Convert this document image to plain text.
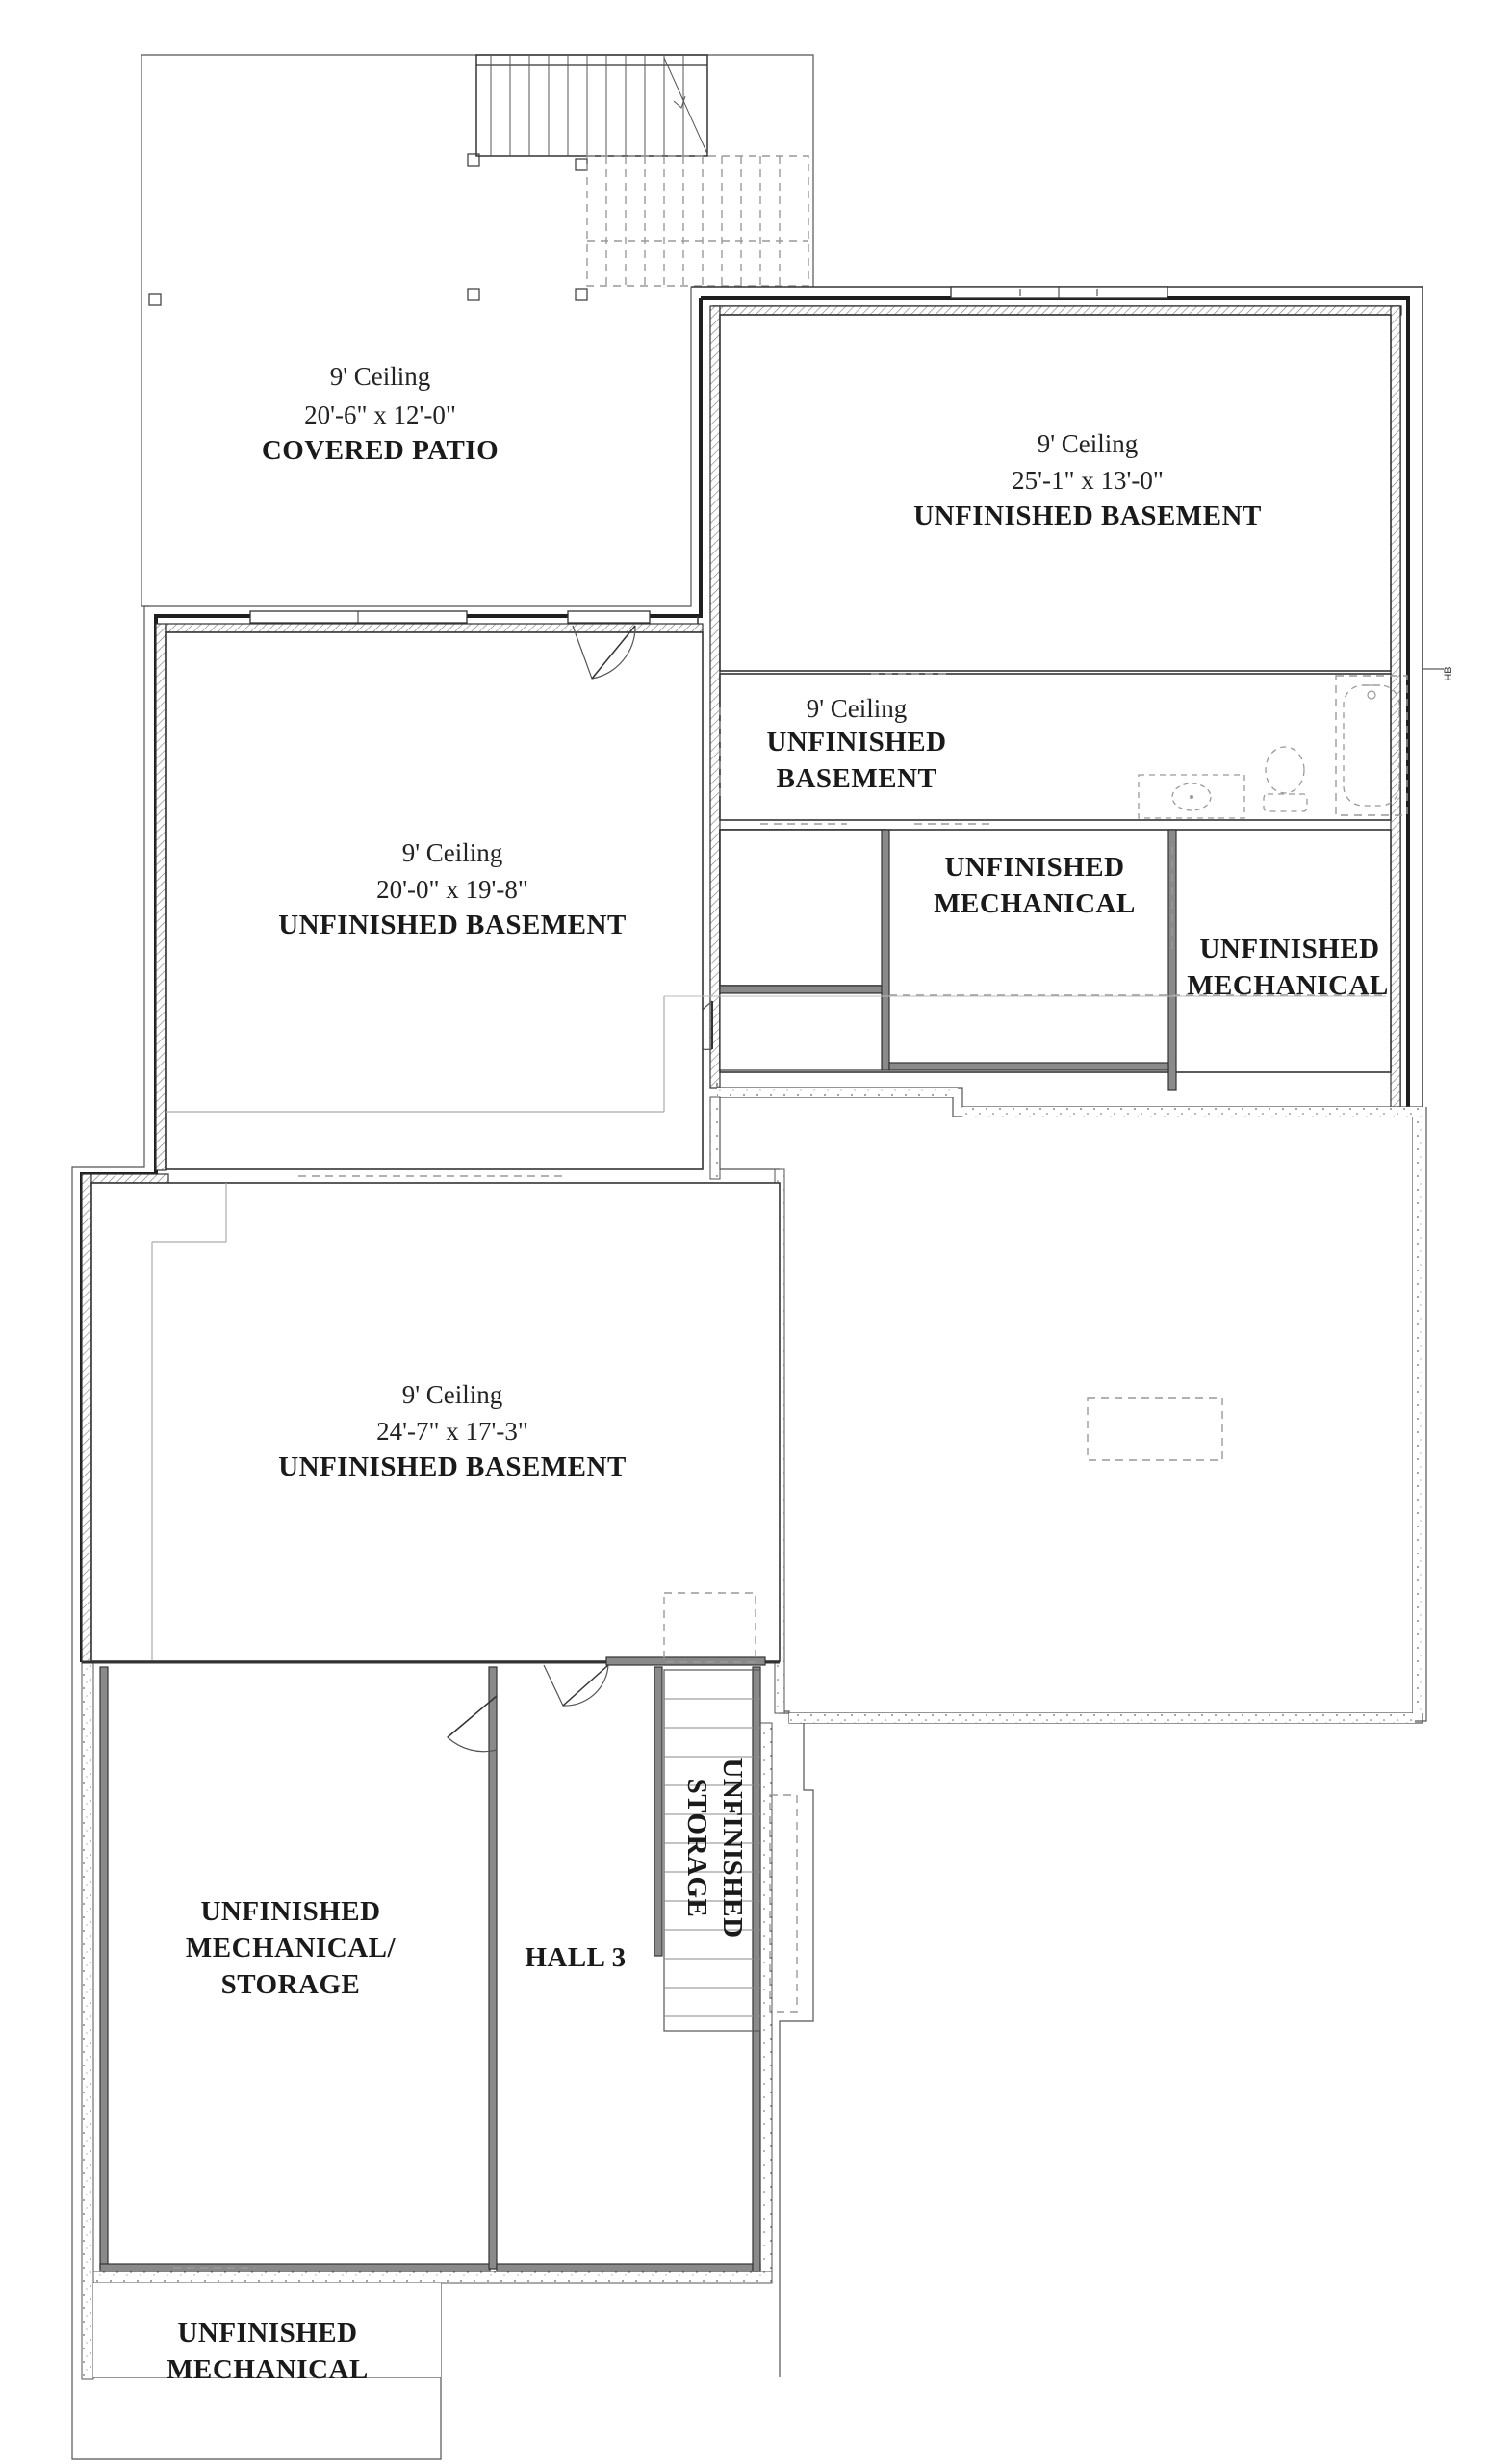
9' Ceiling
20'-6" x 12'-0"
COVERED PATIO	9' Ceiling
25'-1" x 13'-0"
UNFINISHED BASEMENT
HB
9' Ceiling
UNFINISHED
BASEMENT
UNFINISHED
MECHANICAL
UNFINISHED
MECHANICAL
9' Ceiling
20'-0" x 19'-8"
UNFINISHED BASEMENT
9' Ceiling
24'-7" x 17'-3"
UNFINISHED BASEMENT
UNFINISHED
MECHANICAL/
STORAGE
HALL 3
UNFINISHED
STORAGE
UNFINISHED
MECHANICAL
